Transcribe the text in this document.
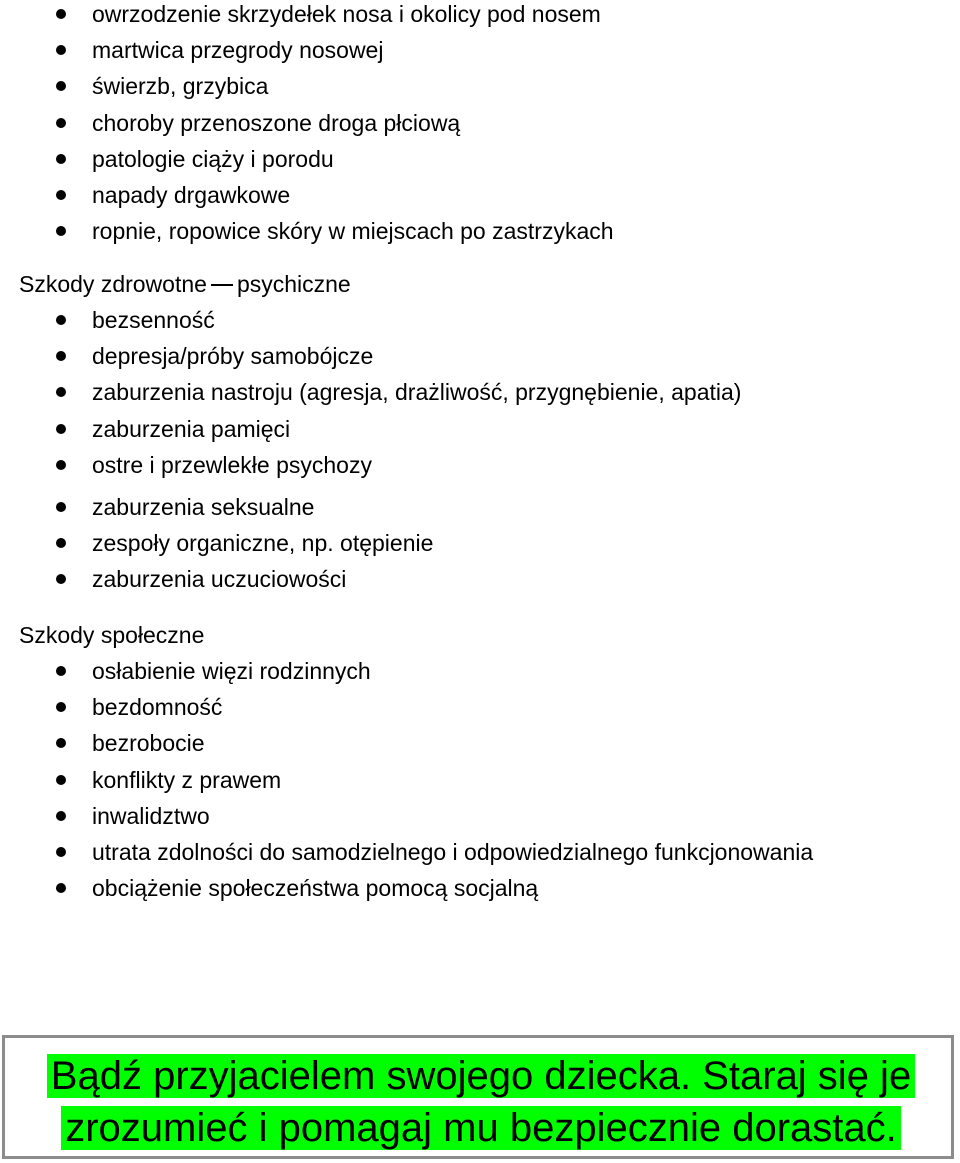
owrzodzenie skrzydełek nosa i okolicy pod nosem
martwica przegrody nosowej
świerzb, grzybica
choroby przenoszone droga płciową
patologie ciąży i porodu
napady drgawkowe
ropnie, ropowice skóry w miejscach po zastrzykach
Szkody zdrowotne psychiczne
bezsenność
depresja/próby samobójcze
zaburzenia nastroju (agresja, drażliwość, przygnębienie, apatia)
zaburzenia pamięci
ostre i przewlekłe psychozy
zaburzenia seksualne
zespoły organiczne, np. otępienie
zaburzenia uczuciowości
Szkody społeczne
osłabienie więzi rodzinnych
bezdomność
bezrobocie
konflikty z prawem
inwalidztwo
utrata zdolności do samodzielnego i odpowiedzialnego funkcjonowania
obciążenie społeczeństwa pomocą socjalną
Bądź przyjacielem swojego dziecka. Staraj się je
zrozumieć i pomagaj mu bezpiecznie dorastać.
